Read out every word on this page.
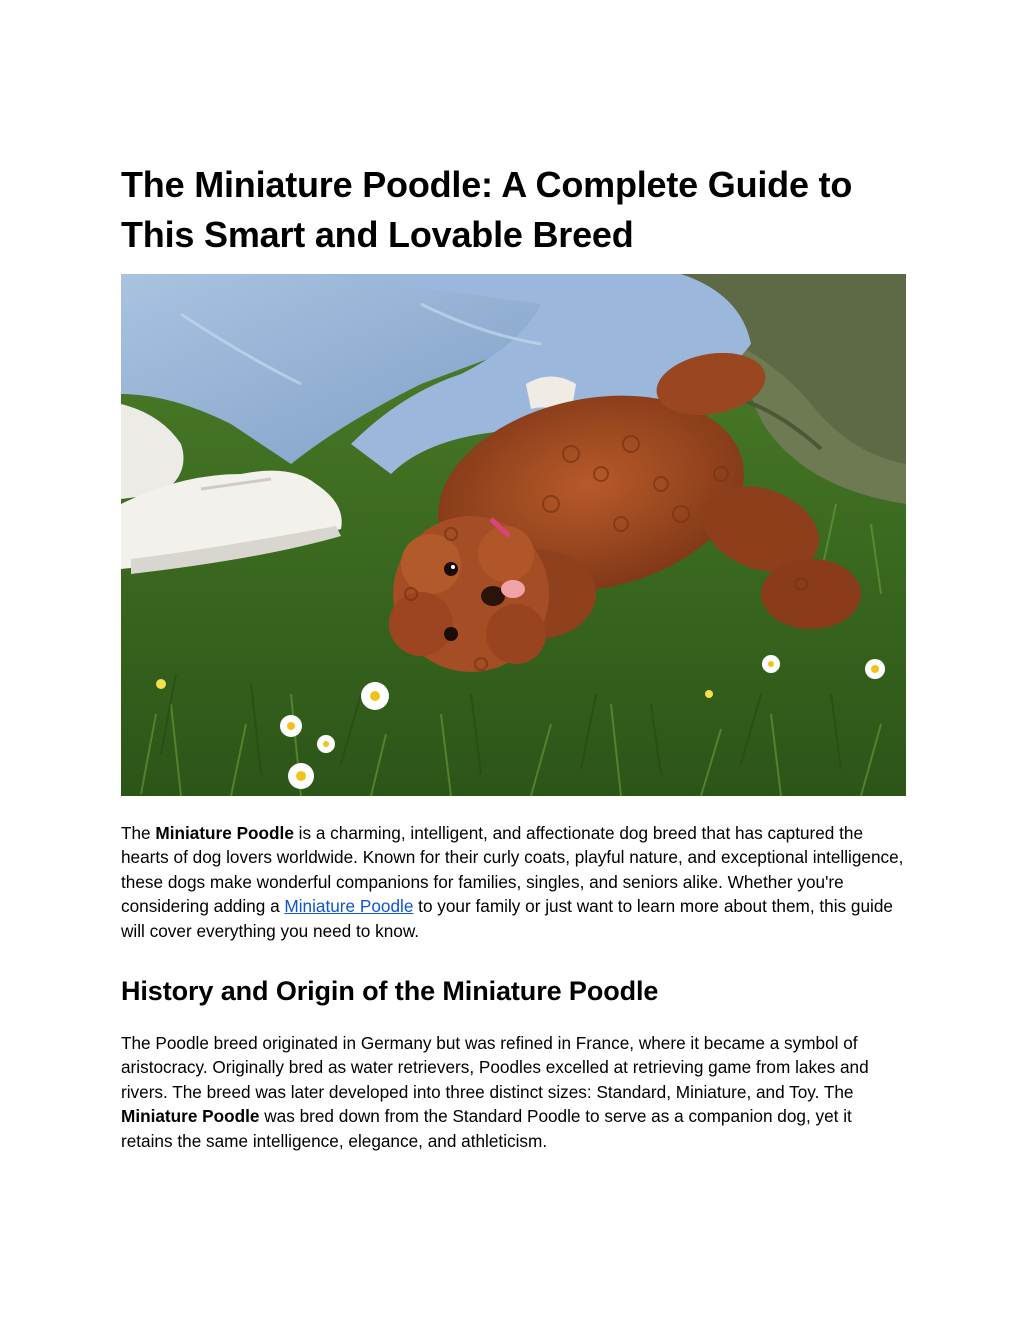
The Miniature Poodle: A Complete Guide to This Smart and Lovable Breed

The Miniature Poodle is a charming, intelligent, and affectionate dog breed that has captured the hearts of dog lovers worldwide. Known for their curly coats, playful nature, and exceptional intelligence, these dogs make wonderful companions for families, singles, and seniors alike. Whether you're considering adding a Miniature Poodle to your family or just want to learn more about them, this guide will cover everything you need to know.

History and Origin of the Miniature Poodle

The Poodle breed originated in Germany but was refined in France, where it became a symbol of aristocracy. Originally bred as water retrievers, Poodles excelled at retrieving game from lakes and rivers. The breed was later developed into three distinct sizes: Standard, Miniature, and Toy. The Miniature Poodle was bred down from the Standard Poodle to serve as a companion dog, yet it retains the same intelligence, elegance, and athleticism.
